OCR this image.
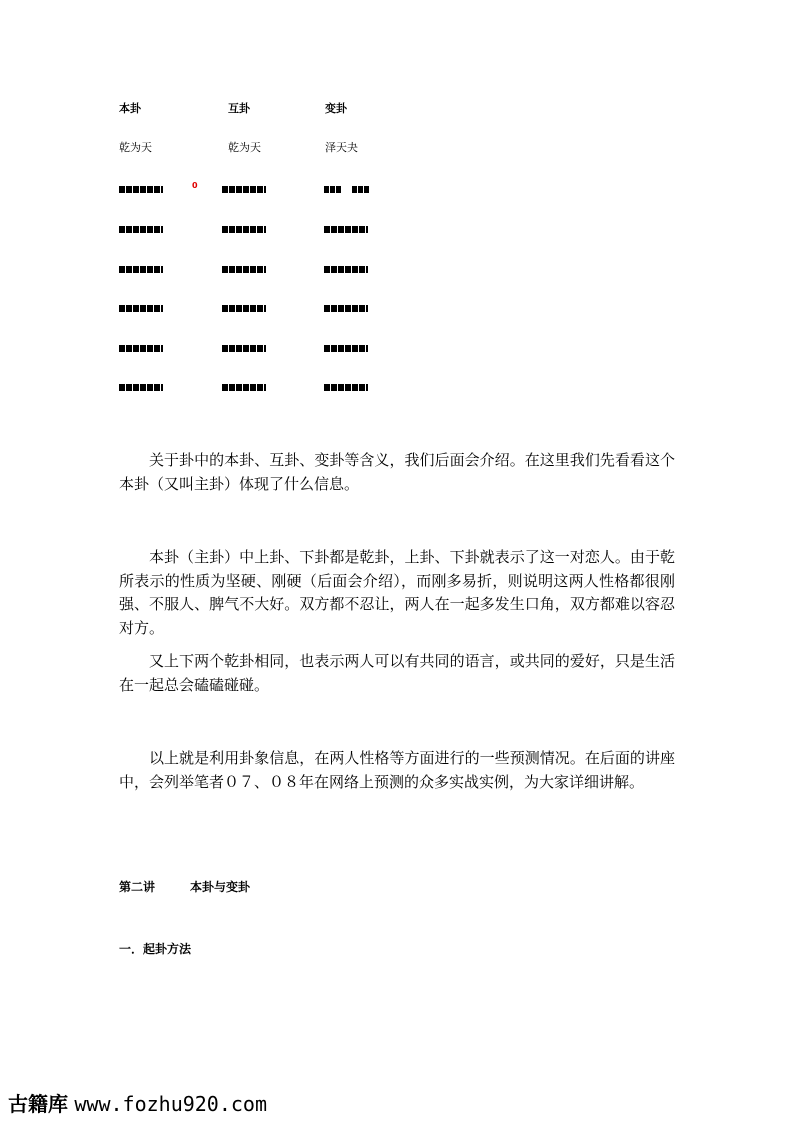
本卦	互卦	变卦
乾为天	乾为天	泽天夬
0

关于卦中的本卦、互卦、变卦等含义，我们后面会介绍。在这里我们先看看这个本卦（又叫主卦）体现了什么信息。

本卦（主卦）中上卦、下卦都是乾卦，上卦、下卦就表示了这一对恋人。由于乾所表示的性质为坚硬、刚硬（后面会介绍），而刚多易折，则说明这两人性格都很刚强、不服人、脾气不大好。双方都不忍让，两人在一起多发生口角，双方都难以容忍对方。

又上下两个乾卦相同，也表示两人可以有共同的语言，或共同的爱好，只是生活在一起总会磕磕碰碰。

以上就是利用卦象信息，在两人性格等方面进行的一些预测情况。在后面的讲座中，会列举笔者０７、０８年在网络上预测的众多实战实例，为大家详细讲解。

第二讲	本卦与变卦
一．起卦方法
古籍库 www.fozhu920.com
